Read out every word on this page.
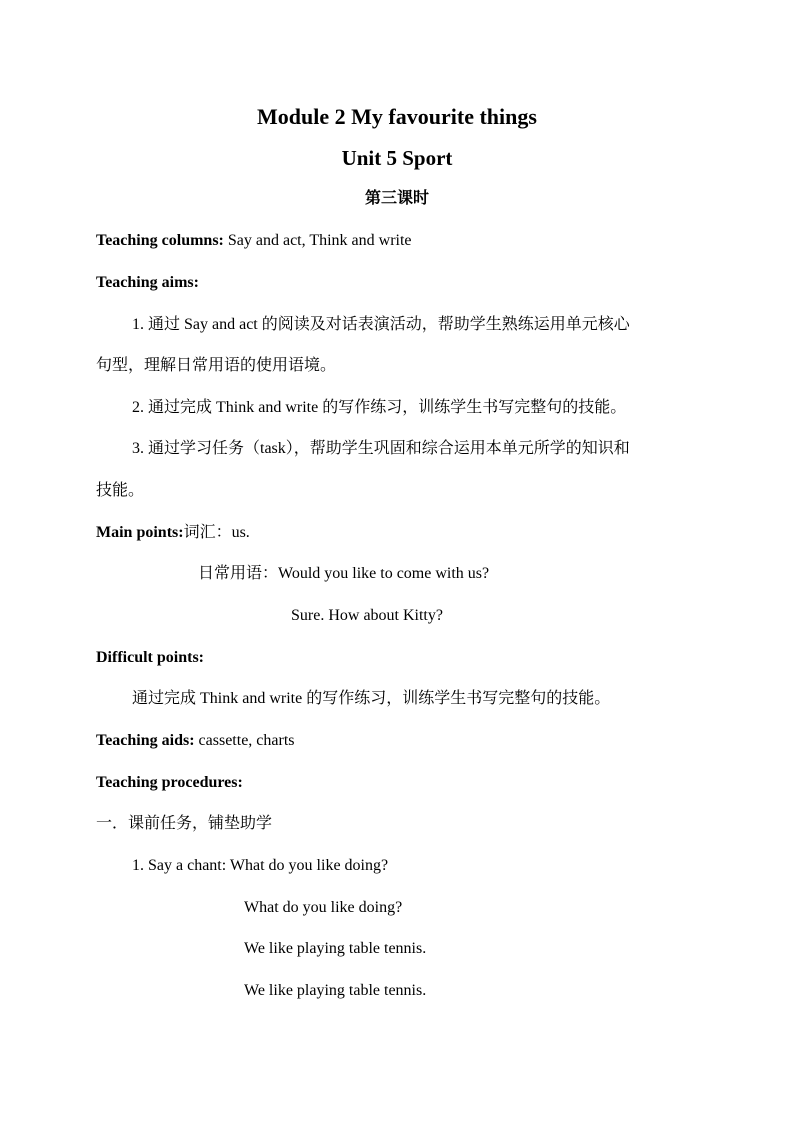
Module 2 My favourite things
Unit 5 Sport
第三课时
Teaching columns: Say and act, Think and write
Teaching aims:
1. 通过 Say and act 的阅读及对话表演活动，帮助学生熟练运用单元核心
句型，理解日常用语的使用语境。
2. 通过完成 Think and write 的写作练习，训练学生书写完整句的技能。
3. 通过学习任务（task），帮助学生巩固和综合运用本单元所学的知识和
技能。
Main points:词汇：us.
日常用语：Would you like to come with us?
Sure. How about Kitty?
Difficult points:
通过完成 Think and write 的写作练习，训练学生书写完整句的技能。
Teaching aids: cassette, charts
Teaching procedures:
一．课前任务，铺垫助学
1. Say a chant: What do you like doing?
What do you like doing?
We like playing table tennis.
We like playing table tennis.
